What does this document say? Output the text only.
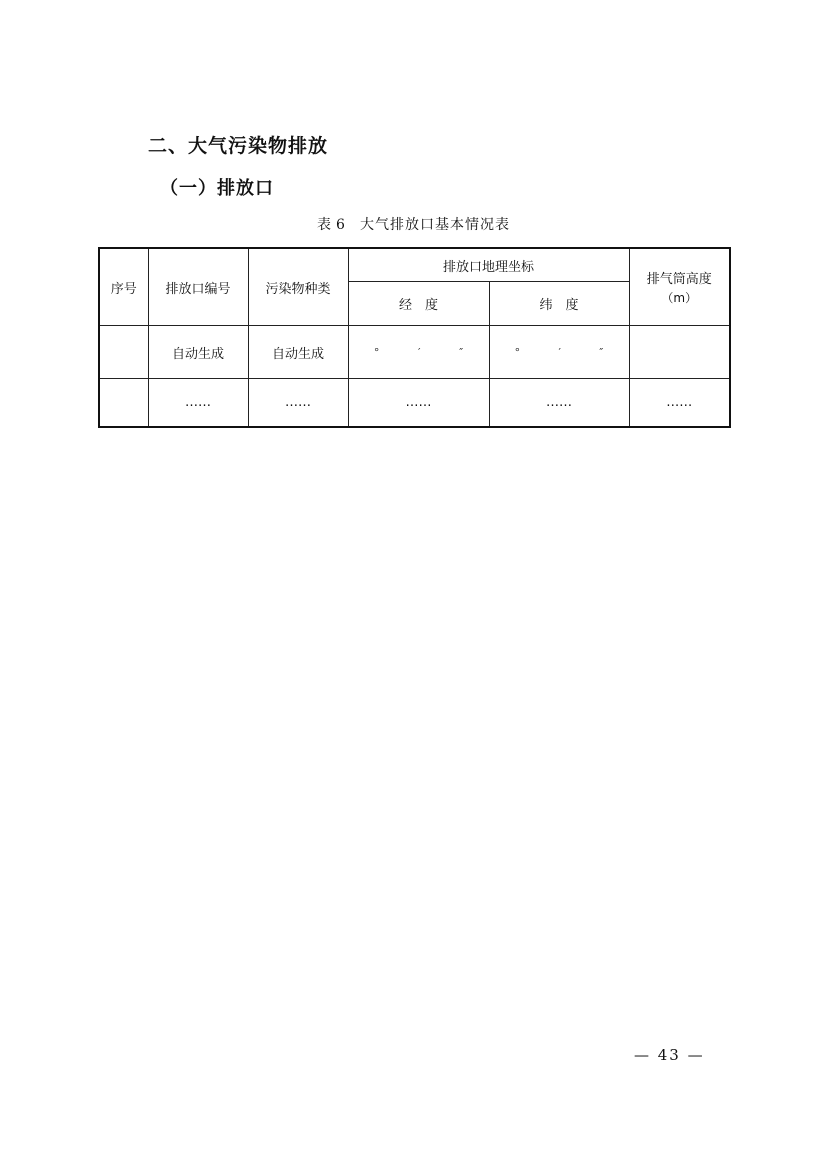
二、大气污染物排放
（一）排放口
表 6 大气排放口基本情况表
序号	排放口编号	污染物种类	排放口地理坐标		排气筒高度
（m）

			经　度	纬　度	
	自动生成	自动生成	° ′ ″	° ′ ″	

	……	……	……	……	……
— 43 —
